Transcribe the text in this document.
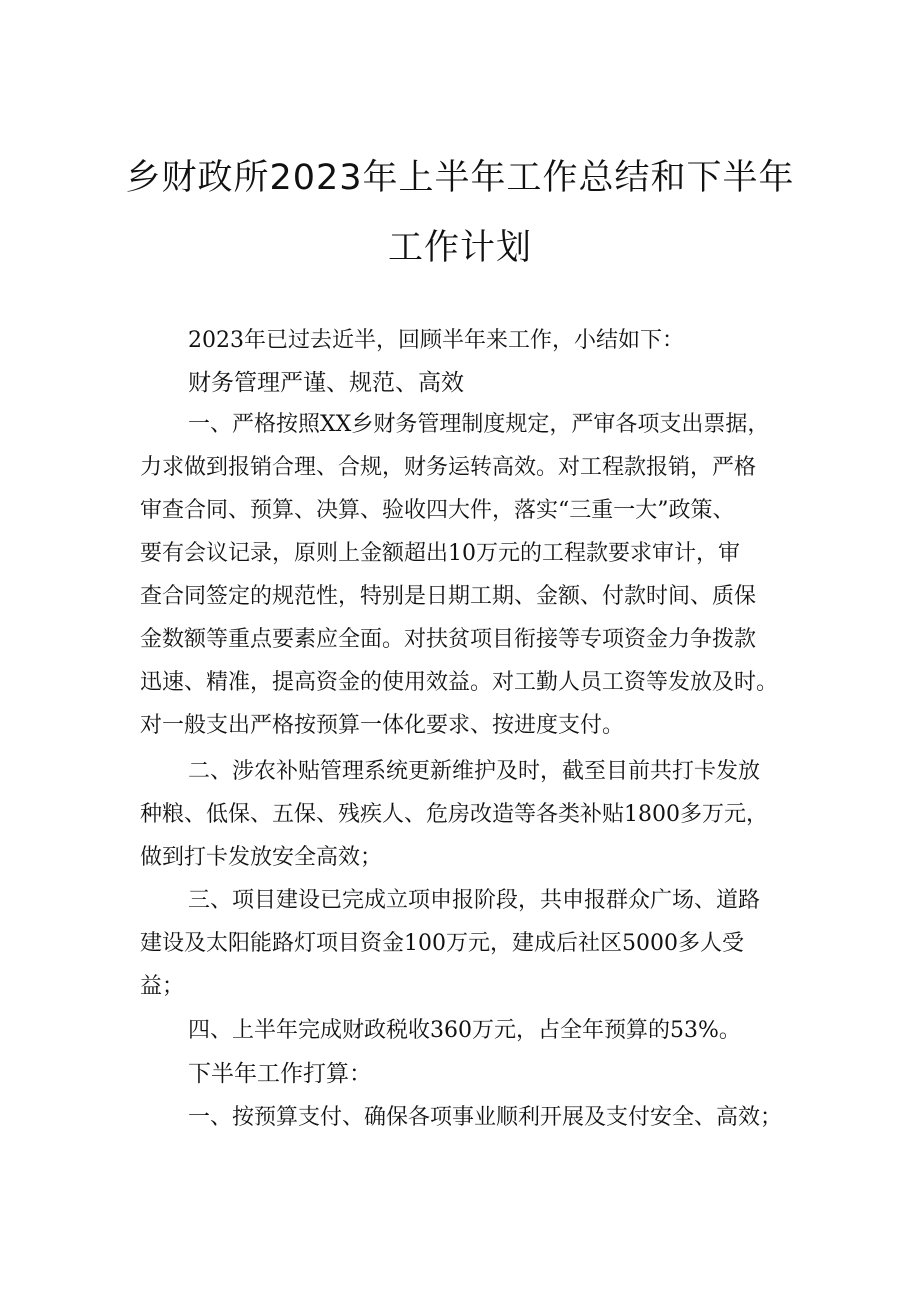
乡财政所2023年上半年工作总结和下半年
工作计划
2023年已过去近半，回顾半年来工作，小结如下：
财务管理严谨、规范、高效
一、严格按照XX乡财务管理制度规定，严审各项支出票据，
力求做到报销合理、合规，财务运转高效。对工程款报销，严格
审查合同、预算、决算、验收四大件，落实“三重一大”政策、
要有会议记录，原则上金额超出10万元的工程款要求审计，审
查合同签定的规范性，特别是日期工期、金额、付款时间、质保
金数额等重点要素应全面。对扶贫项目衔接等专项资金力争拨款
迅速、精准，提高资金的使用效益。对工勤人员工资等发放及时。
对一般支出严格按预算一体化要求、按进度支付。
二、涉农补贴管理系统更新维护及时，截至目前共打卡发放
种粮、低保、五保、残疾人、危房改造等各类补贴1800多万元，
做到打卡发放安全高效；
三、项目建设已完成立项申报阶段，共申报群众广场、道路
建设及太阳能路灯项目资金100万元，建成后社区5000多人受
益；
四、上半年完成财政税收360万元，占全年预算的53%。
下半年工作打算：
一、按预算支付、确保各项事业顺利开展及支付安全、高效；
